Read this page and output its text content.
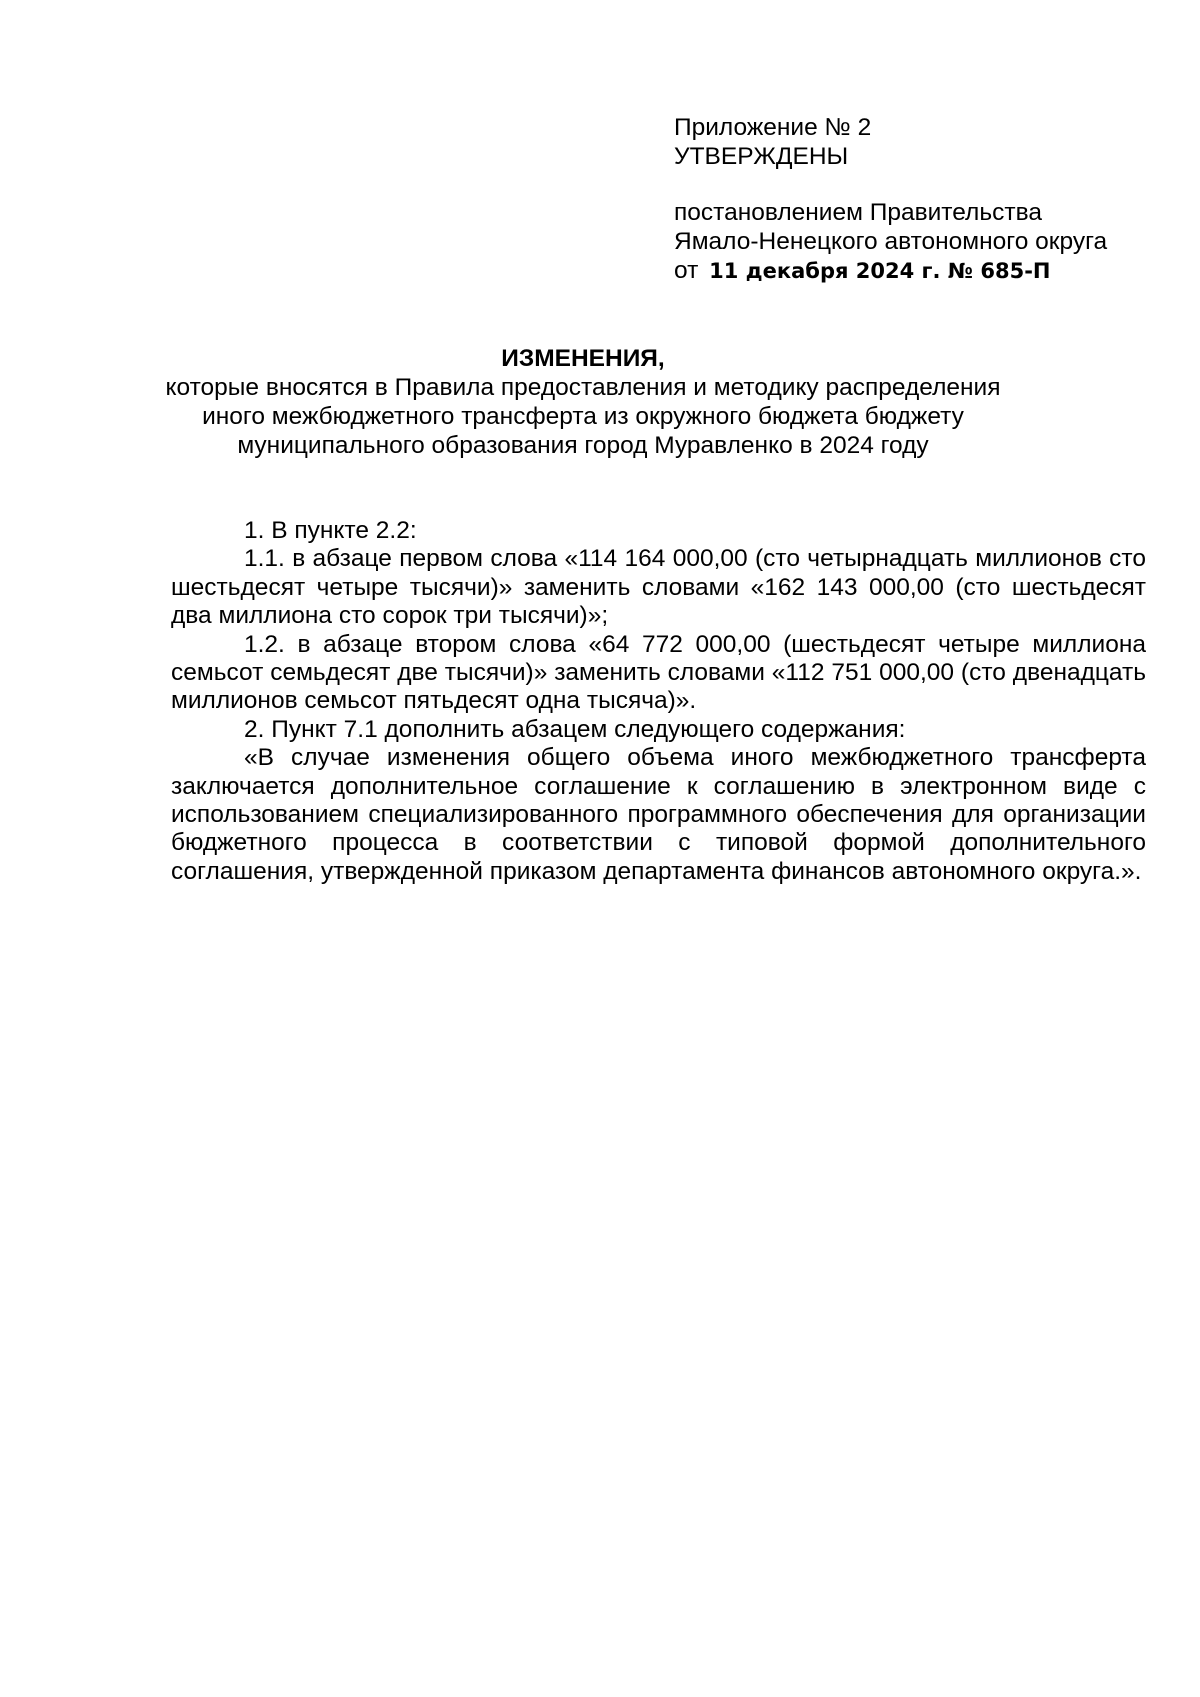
Приложение № 2
УТВЕРЖДЕНЫ
постановлением Правительства
Ямало-Ненецкого автономного округа
от 11 декабря 2024 г. № 685-П
ИЗМЕНЕНИЯ,
которые вносятся в Правила предоставления и методику распределения
иного межбюджетного трансферта из окружного бюджета бюджету
муниципального образования город Муравленко в 2024 году

1. В пункте 2.2:

1.1. в абзаце первом слова «114 164 000,00 (сто четырнадцать миллионов сто шестьдесят четыре тысячи)» заменить словами «162 143 000,00 (сто шестьдесят два миллиона сто сорок три тысячи)»;

1.2. в абзаце втором слова «64 772 000,00 (шестьдесят четыре миллиона семьсот семьдесят две тысячи)» заменить словами «112 751 000,00 (сто двенадцать миллионов семьсот пятьдесят одна тысяча)».

2. Пункт 7.1 дополнить абзацем следующего содержания:

«В случае изменения общего объема иного межбюджетного трансферта заключается дополнительное соглашение к соглашению в электронном виде с использованием специализированного программного обеспечения для организации бюджетного процесса в соответствии с типовой формой дополнительного соглашения, утвержденной приказом департамента финансов автономного округа.».
